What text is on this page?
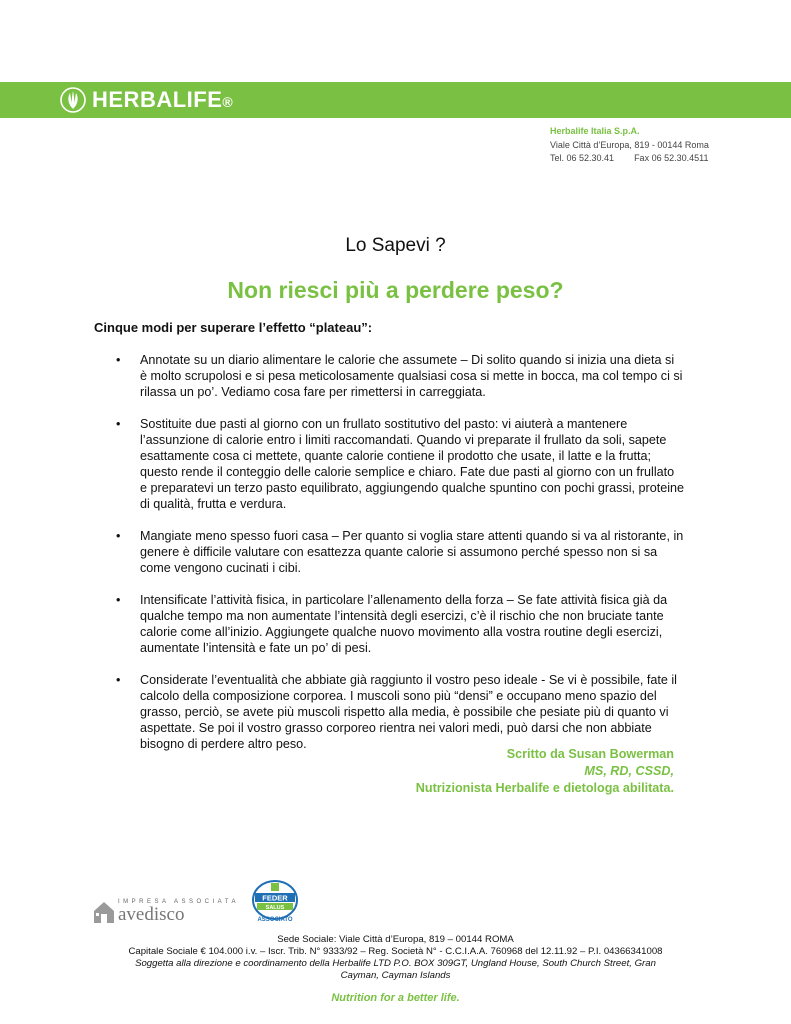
HERBALIFE®
Herbalife Italia S.p.A.
Viale Città d’Europa, 819 - 00144 Roma
Tel. 06 52.30.41 Fax 06 52.30.4511
Lo Sapevi ?
Non riesci più a perdere peso?
Cinque modi per superare l’effetto “plateau”:
• Annotate su un diario alimentare le calorie che assumete – Di solito quando si inizia una dieta si è molto scrupolosi e si pesa meticolosamente qualsiasi cosa si mette in bocca, ma col tempo ci si rilassa un po’. Vediamo cosa fare per rimettersi in carreggiata.
• Sostituite due pasti al giorno con un frullato sostitutivo del pasto: vi aiuterà a mantenere l’assunzione di calorie entro i limiti raccomandati. Quando vi preparate il frullato da soli, sapete esattamente cosa ci mettete, quante calorie contiene il prodotto che usate, il latte e la frutta; questo rende il conteggio delle calorie semplice e chiaro. Fate due pasti al giorno con un frullato e preparatevi un terzo pasto equilibrato, aggiungendo qualche spuntino con pochi grassi, proteine di qualità, frutta e verdura.
• Mangiate meno spesso fuori casa – Per quanto si voglia stare attenti quando si va al ristorante, in genere è difficile valutare con esattezza quante calorie si assumono perché spesso non si sa come vengono cucinati i cibi.
• Intensificate l’attività fisica, in particolare l’allenamento della forza – Se fate attività fisica già da qualche tempo ma non aumentate l’intensità degli esercizi, c’è il rischio che non bruciate tante calorie come all’inizio. Aggiungete qualche nuovo movimento alla vostra routine degli esercizi, aumentate l’intensità e fate un po’ di pesi.
• Considerate l’eventualità che abbiate già raggiunto il vostro peso ideale - Se vi è possibile, fate il calcolo della composizione corporea. I muscoli sono più “densi” e occupano meno spazio del grasso, perciò, se avete più muscoli rispetto alla media, è possibile che pesiate più di quanto vi aspettate. Se poi il vostro grasso corporeo rientra nei valori medi, può darsi che non abbiate bisogno di perdere altro peso.
Scritto da Susan Bowerman
MS, RD, CSSD,
Nutrizionista Herbalife e dietologa abilitata.
IMPRESA ASSOCIATA
avedisco
FEDER
SALUS
ASSOCIATO
Sede Sociale: Viale Città d’Europa, 819 – 00144 ROMA
Capitale Sociale € 104.000 i.v. – Iscr. Trib. N° 9333/92 – Reg. Società N° - C.C.I.A.A. 760968 del 12.11.92 – P.I. 04366341008
Soggetta alla direzione e coordinamento della Herbalife LTD P.O. BOX 309GT, Ungland House, South Church Street, Gran
Cayman, Cayman Islands
Nutrition for a better life.
